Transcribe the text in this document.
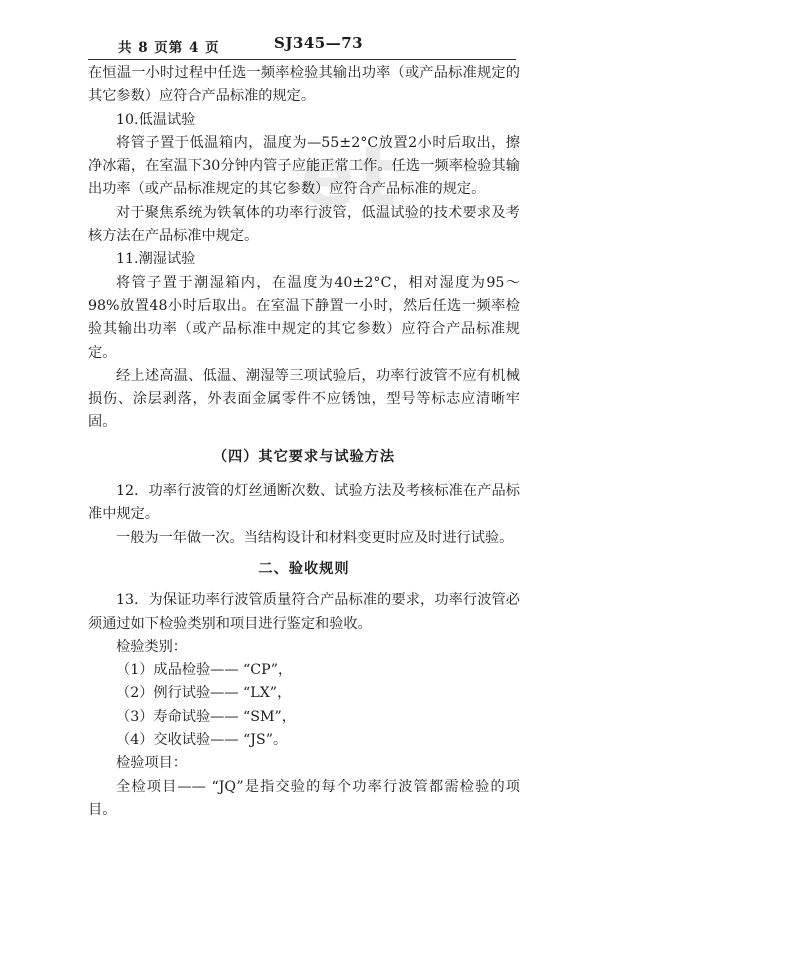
et
共 8 页第 4 页	SJ345—73

在恒温一小时过程中任选一频率检验其输出功率（或产品标准规定的其它参数）应符合产品标准的规定。

10.低温试验

将管子置于低温箱内，温度为—55±2°C放置2小时后取出，擦净冰霜，在室温下30分钟内管子应能正常工作。任选一频率检验其输出功率（或产品标准规定的其它参数）应符合产品标准的规定。

对于聚焦系统为铁氧体的功率行波管，低温试验的技术要求及考核方法在产品标准中规定。

11.潮湿试验

将管子置于潮湿箱内，在温度为40±2°C，相对湿度为95～98%放置48小时后取出。在室温下静置一小时，然后任选一频率检验其输出功率（或产品标准中规定的其它参数）应符合产品标准规定。

经上述高温、低温、潮湿等三项试验后，功率行波管不应有机械损伤、涂层剥落，外表面金属零件不应锈蚀，型号等标志应清晰牢固。

（四）其它要求与试验方法

12．功率行波管的灯丝通断次数、试验方法及考核标准在产品标准中规定。

一般为一年做一次。当结构设计和材料变更时应及时进行试验。

二、验收规则

13．为保证功率行波管质量符合产品标准的要求，功率行波管必须通过如下检验类别和项目进行鉴定和验收。

检验类别：

（1）成品检验—— “CP”，

（2）例行试验—— “LX”，

（3）寿命试验—— “SM”，

（4）交收试验—— “JS”。

检验项目：

全检项目—— “JQ”是指交验的每个功率行波管都需检验的项目。
